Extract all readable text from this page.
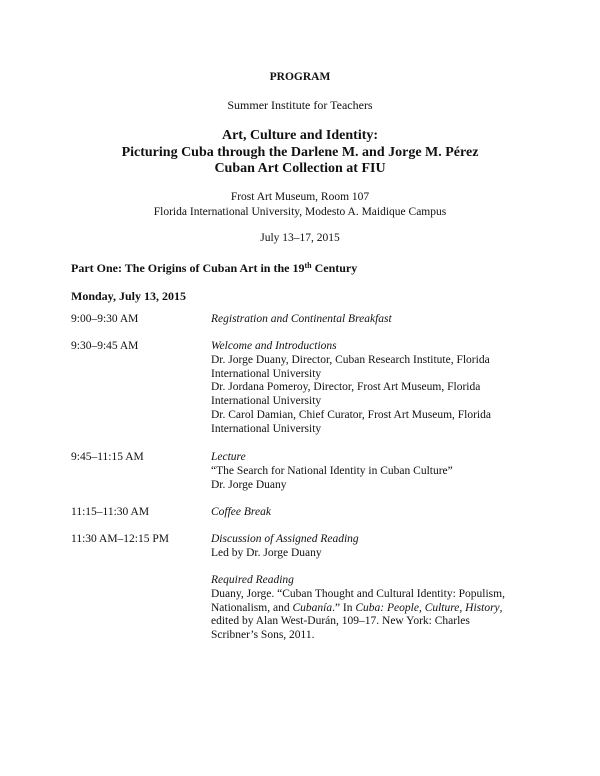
PROGRAM
Summer Institute for Teachers
Art, Culture and Identity:
Picturing Cuba through the Darlene M. and Jorge M. Pérez
Cuban Art Collection at FIU
Frost Art Museum, Room 107
Florida International University, Modesto A. Maidique Campus
July 13–17, 2015
Part One: The Origins of Cuban Art in the 19th Century
Monday, July 13, 2015
9:00–9:30 AM	Registration and Continental Breakfast
9:30–9:45 AM	Welcome and Introductions
Dr. Jorge Duany, Director, Cuban Research Institute, Florida
International University
Dr. Jordana Pomeroy, Director, Frost Art Museum, Florida
International University
Dr. Carol Damian, Chief Curator, Frost Art Museum, Florida
International University
9:45–11:15 AM	Lecture
“The Search for National Identity in Cuban Culture”
Dr. Jorge Duany
11:15–11:30 AM	Coffee Break
11:30 AM–12:15 PM	Discussion of Assigned Reading
Led by Dr. Jorge Duany
Required Reading
Duany, Jorge. “Cuban Thought and Cultural Identity: Populism,
Nationalism, and Cubanía.” In Cuba: People, Culture, History,
edited by Alan West-Durán, 109–17. New York: Charles
Scribner’s Sons, 2011.
